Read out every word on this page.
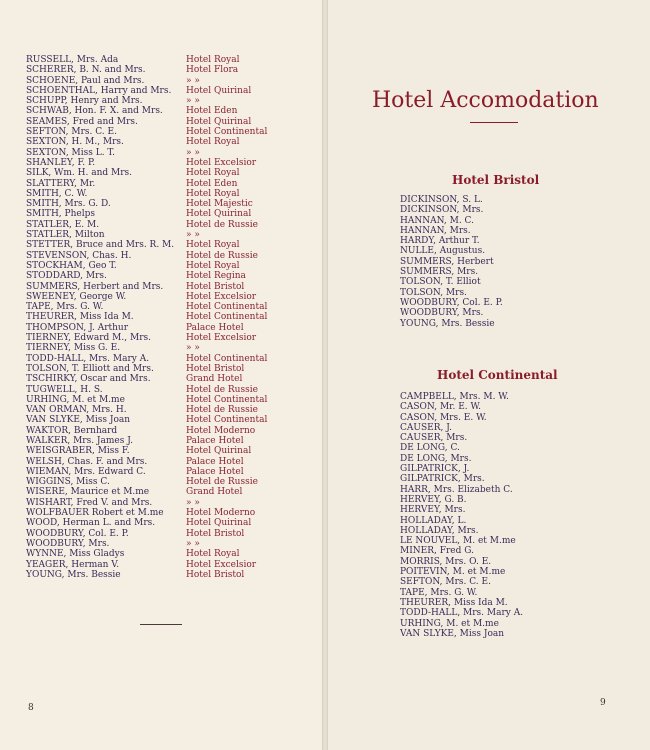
RUSSELL, Mrs. Ada	Hotel Royal
SCHERER, B. N. and Mrs.	Hotel Flora
SCHOENE, Paul and Mrs.	» »
SCHOENTHAL, Harry and Mrs. Hotel Quirinal
SCHUPP, Henry and Mrs.	» »
SCHWAB, Hon. F. X. and Mrs.	Hotel Eden
SEAMES, Fred and Mrs.	Hotel Quirinal
SEFTON, Mrs. C. E.	Hotel Continental
SEXTON, H. M., Mrs.	Hotel Royal
SEXTON, Miss L. T.	» »
SHANLEY, F. P.	Hotel Excelsior
SILK, Wm. H. and Mrs.	Hotel Royal
SLATTERY, Mr.	Hotel Eden
SMITH, C. W.	Hotel Royal
SMITH, Mrs. G. D.	Hotel Majestic
SMITH, Phelps	Hotel Quirinal
STATLER, E. M.	Hotel de Russie
STATLER, Milton	» »
STETTER, Bruce and Mrs. R. M. Hotel Royal
STEVENSON, Chas. H.	Hotel de Russie
STOCKHAM, Geo T.	Hotel Royal
STODDARD, Mrs.	Hotel Regina
SUMMERS, Herbert and Mrs.	Hotel Bristol
SWEENEY, George W.	Hotel Excelsior
TAPE, Mrs. G. W.	Hotel Continental
THEURER, Miss Ida M.	Hotel Continental
THOMPSON, J. Arthur	Palace Hotel
TIERNEY, Edward M., Mrs.	Hotel Excelsior
TIERNEY, Miss G. E.	» »
TODD-HALL, Mrs. Mary A.	Hotel Continental
TOLSON, T. Elliott and Mrs.	Hotel Bristol
TSCHIRKY, Oscar and Mrs.	Grand Hotel
TUGWELL, H. S.	Hotel de Russie
URHING, M. et M.me	Hotel Continental
VAN ORMAN, Mrs. H.	Hotel de Russie
VAN SLYKE, Miss Joan	Hotel Continental
WAKTOR, Bernhard	Hotel Moderno
WALKER, Mrs. James J.	Palace Hotel
WEISGRABER, Miss F.	Hotel Quirinal
WELSH, Chas. F. and Mrs.	Palace Hotel
WIEMAN, Mrs. Edward C.	Palace Hotel
WIGGINS, Miss C.	Hotel de Russie
WISERE, Maurice et M.me	Grand Hotel
WISHART, Fred V. and Mrs.	» »
WOLFBAUER Robert et M.me Hotel Moderno
WOOD, Herman L. and Mrs.	Hotel Quirinal
WOODBURY, Col. E. P.	Hotel Bristol
WOODBURY, Mrs.	» »
WYNNE, Miss Gladys	Hotel Royal
YEAGER, Herman V.	Hotel Excelsior
YOUNG, Mrs. Bessie	Hotel Bristol
8
Hotel Accomodation
Hotel Bristol
DICKINSON, S. L.
DICKINSON, Mrs.
HANNAN, M. C.
HANNAN, Mrs.
HARDY, Arthur T.
NULLE, Augustus.
SUMMERS, Herbert
SUMMERS, Mrs.
TOLSON, T. Elliot
TOLSON, Mrs.
WOODBURY, Col. E. P.
WOODBURY, Mrs.
YOUNG, Mrs. Bessie
Hotel Continental
CAMPBELL, Mrs. M. W.
CASON, Mr. E. W.
CASON, Mrs. E. W.
CAUSER, J.
CAUSER, Mrs.
DE LONG, C.
DE LONG, Mrs.
GILPATRICK, J.
GILPATRICK, Mrs.
HARR, Mrs. Elizabeth C.
HERVEY, G. B.
HERVEY, Mrs.
HOLLADAY, L.
HOLLADAY, Mrs.
LE NOUVEL, M. et M.me
MINER, Fred G.
MORRIS, Mrs. O. E.
POITEVIN, M. et M.me
SEFTON, Mrs. C. E.
TAPE, Mrs. G. W.
THEURER, Miss Ida M.
TODD-HALL, Mrs. Mary A.
URHING, M. et M.me
VAN SLYKE, Miss Joan
9
